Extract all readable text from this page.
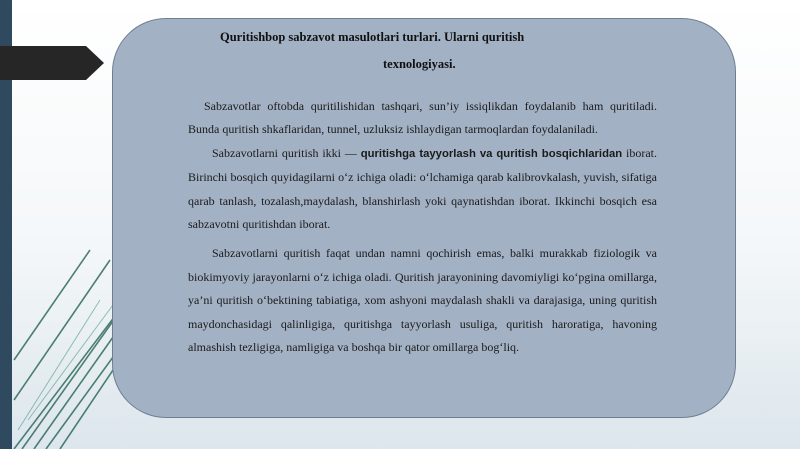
Quritishbop sabzavot masulotlari turlari. Ularni quritish

texnologiyasi.

Sabzavotlar oftobda quritilishidan tashqari, sun’iy issiqlikdan foydalanib ham quritiladi. Bunda quritish shkaflaridan, tunnel, uzluksiz ishlaydigan tarmoqlardan foydalaniladi.

Sabzavotlarni quritish ikki — quritishga tayyorlash va quritish bosqichlaridan iborat. Birinchi bosqich quyidagilarni o‘z ichiga oladi: o‘lchamiga qarab kalibrovkalash, yuvish, sifatiga qarab tanlash, tozalash,maydalash, blanshirlash yoki qaynatishdan iborat. Ikkinchi bosqich esa sabzavotni quritishdan iborat.

Sabzavotlarni quritish faqat undan namni qochirish emas, balki murakkab fiziologik va biokimyoviy jarayonlarni o‘z ichiga oladi. Quritish jarayonining davomiyligi ko‘pgina omillarga, ya’ni quritish o‘bektining tabiatiga, xom ashyoni maydalash shakli va darajasiga, uning quritish maydonchasidagi qalinligiga, quritishga tayyorlash usuliga, quritish haroratiga, havoning almashish tezligiga, namligiga va boshqa bir qator omillarga bog‘liq.
